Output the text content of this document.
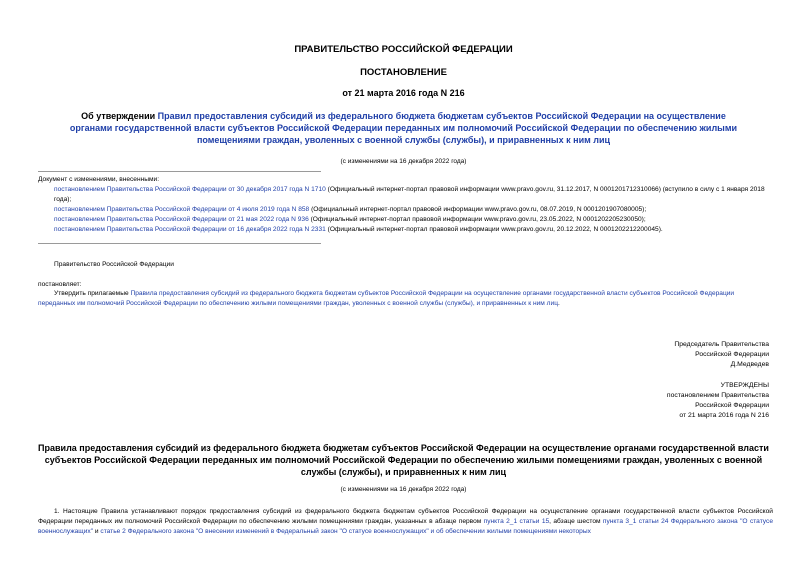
ПРАВИТЕЛЬСТВО РОССИЙСКОЙ ФЕДЕРАЦИИ
ПОСТАНОВЛЕНИЕ
от 21 марта 2016 года N 216
Об утверждении Правил предоставления субсидий из федерального бюджета бюджетам субъектов Российской Федерации на осуществление органами государственной власти субъектов Российской Федерации переданных им полномочий Российской Федерации по обеспечению жилыми помещениями граждан, уволенных с военной службы (службы), и приравненных к ним лиц
(с изменениями на 16 декабря 2022 года)
Документ с изменениями, внесенными:
постановлением Правительства Российской Федерации от 30 декабря 2017 года N 1710 (Официальный интернет-портал правовой информации www.pravo.gov.ru, 31.12.2017, N 0001201712310066) (вступило в силу с 1 января 2018 года);
постановлением Правительства Российской Федерации от 4 июля 2019 года N 858 (Официальный интернет-портал правовой информации www.pravo.gov.ru, 08.07.2019, N 0001201907080005);
постановлением Правительства Российской Федерации от 21 мая 2022 года N 936 (Официальный интернет-портал правовой информации www.pravo.gov.ru, 23.05.2022, N 0001202205230050);
постановлением Правительства Российской Федерации от 16 декабря 2022 года N 2331 (Официальный интернет-портал правовой информации www.pravo.gov.ru, 20.12.2022, N 0001202212200045).
Правительство Российской Федерации
постановляет:
Утвердить прилагаемые Правила предоставления субсидий из федерального бюджета бюджетам субъектов Российской Федерации на осуществление органами государственной власти субъектов Российской Федерации переданных им полномочий Российской Федерации по обеспечению жилыми помещениями граждан, уволенных с военной службы (службы), и приравненных к ним лиц.
Председатель Правительства
Российской Федерации
Д.Медведев
УТВЕРЖДЕНЫ
постановлением Правительства
Российской Федерации
от 21 марта 2016 года N 216
Правила предоставления субсидий из федерального бюджета бюджетам субъектов Российской Федерации на осуществление органами государственной власти субъектов Российской Федерации переданных им полномочий Российской Федерации по обеспечению жилыми помещениями граждан, уволенных с военной службы (службы), и приравненных к ним лиц
(с изменениями на 16 декабря 2022 года)
1. Настоящие Правила устанавливают порядок предоставления субсидий из федерального бюджета бюджетам субъектов Российской Федерации на осуществление органами государственной власти субъектов Российской Федерации переданных им полномочий Российской Федерации по обеспечению жилыми помещениями граждан, указанных в абзаце первом пункта 2_1 статьи 15, абзаце шестом пункта 3_1 статьи 24 Федерального закона "О статусе военнослужащих" и статье 2 Федерального закона "О внесении изменений в Федеральный закон "О статусе военнослужащих" и об обеспечении жилыми помещениями некоторых
